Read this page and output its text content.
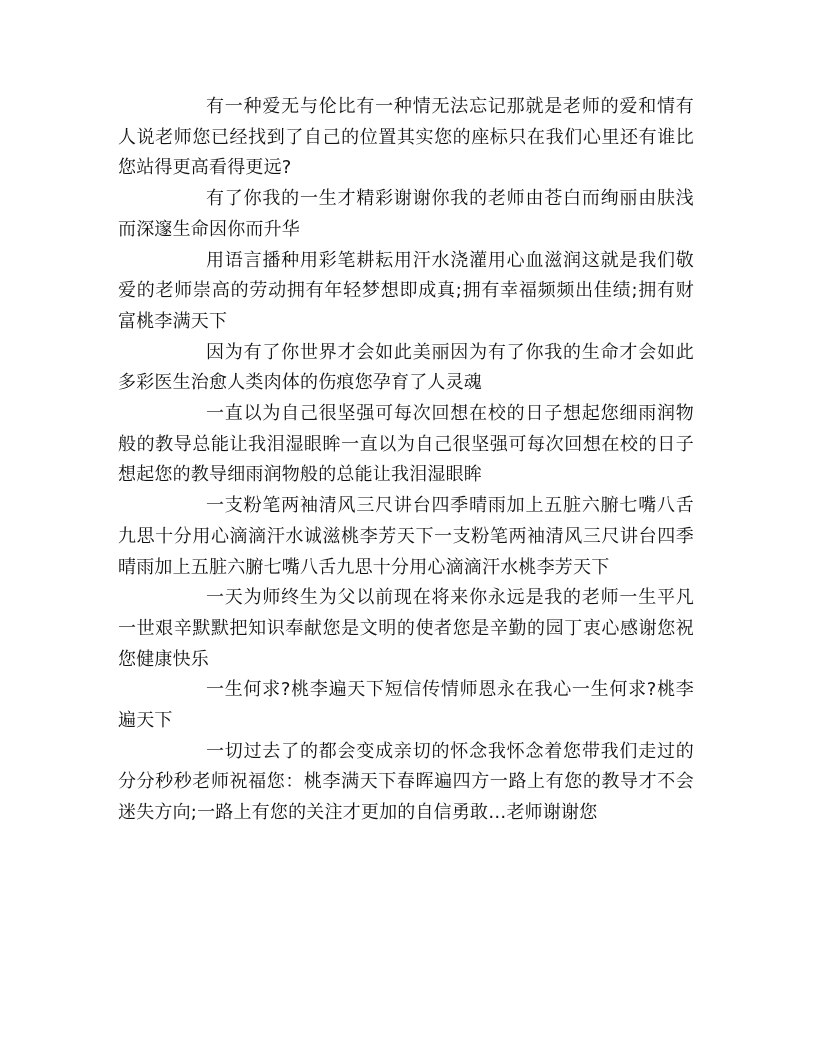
有一种爱无与伦比有一种情无法忘记那就是老师的爱和情有人说老师您已经找到了自己的位置其实您的座标只在我们心里还有谁比您站得更高看得更远?

有了你我的一生才精彩谢谢你我的老师由苍白而绚丽由肤浅而深邃生命因你而升华

用语言播种用彩笔耕耘用汗水浇灌用心血滋润这就是我们敬爱的老师崇高的劳动拥有年轻梦想即成真;拥有幸福频频出佳绩;拥有财富桃李满天下

因为有了你世界才会如此美丽因为有了你我的生命才会如此多彩医生治愈人类肉体的伤痕您孕育了人灵魂

一直以为自己很坚强可每次回想在校的日子想起您细雨润物般的教导总能让我泪湿眼眸一直以为自己很坚强可每次回想在校的日子想起您的教导细雨润物般的总能让我泪湿眼眸

一支粉笔两袖清风三尺讲台四季晴雨加上五脏六腑七嘴八舌九思十分用心滴滴汗水诚滋桃李芳天下一支粉笔两袖清风三尺讲台四季晴雨加上五脏六腑七嘴八舌九思十分用心滴滴汗水桃李芳天下

一天为师终生为父以前现在将来你永远是我的老师一生平凡一世艰辛默默把知识奉献您是文明的使者您是辛勤的园丁衷心感谢您祝您健康快乐

一生何求?桃李遍天下短信传情师恩永在我心一生何求?桃李遍天下

一切过去了的都会变成亲切的怀念我怀念着您带我们走过的分分秒秒老师祝福您：桃李满天下春晖遍四方一路上有您的教导才不会迷失方向;一路上有您的关注才更加的自信勇敢…老师谢谢您
